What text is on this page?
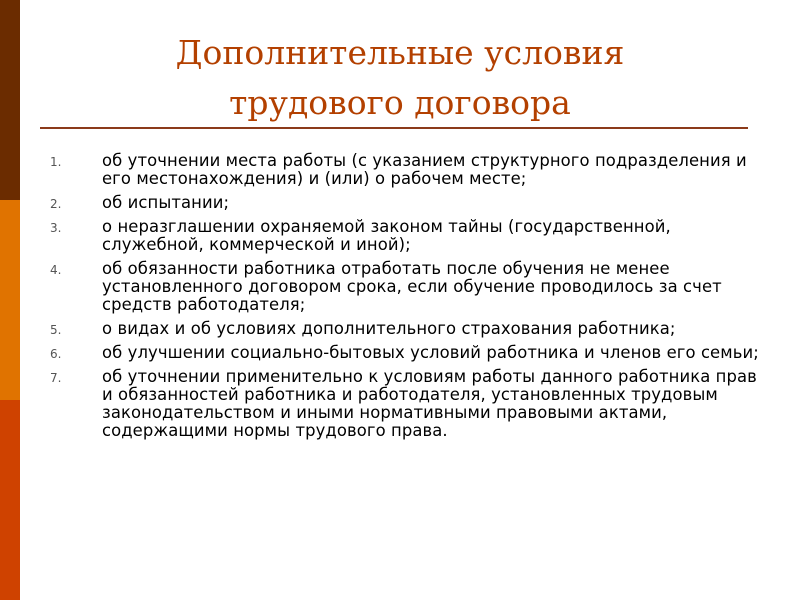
Дополнительные условия
трудового договора
1. об уточнении места работы (с указанием структурного подразделения и его местонахождения) и (или) о рабочем месте;
2. об испытании;
3. о неразглашении охраняемой законом тайны (государственной, служебной, коммерческой и иной);
4. об обязанности работника отработать после обучения не менее установленного договором срока, если обучение проводилось за счет средств работодателя;
5. о видах и об условиях дополнительного страхования работника;
6. об улучшении социально-бытовых условий работника и членов его семьи;
7. об уточнении применительно к условиям работы данного работника прав и обязанностей работника и работодателя, установленных трудовым законодательством и иными нормативными правовыми актами, содержащими нормы трудового права.
